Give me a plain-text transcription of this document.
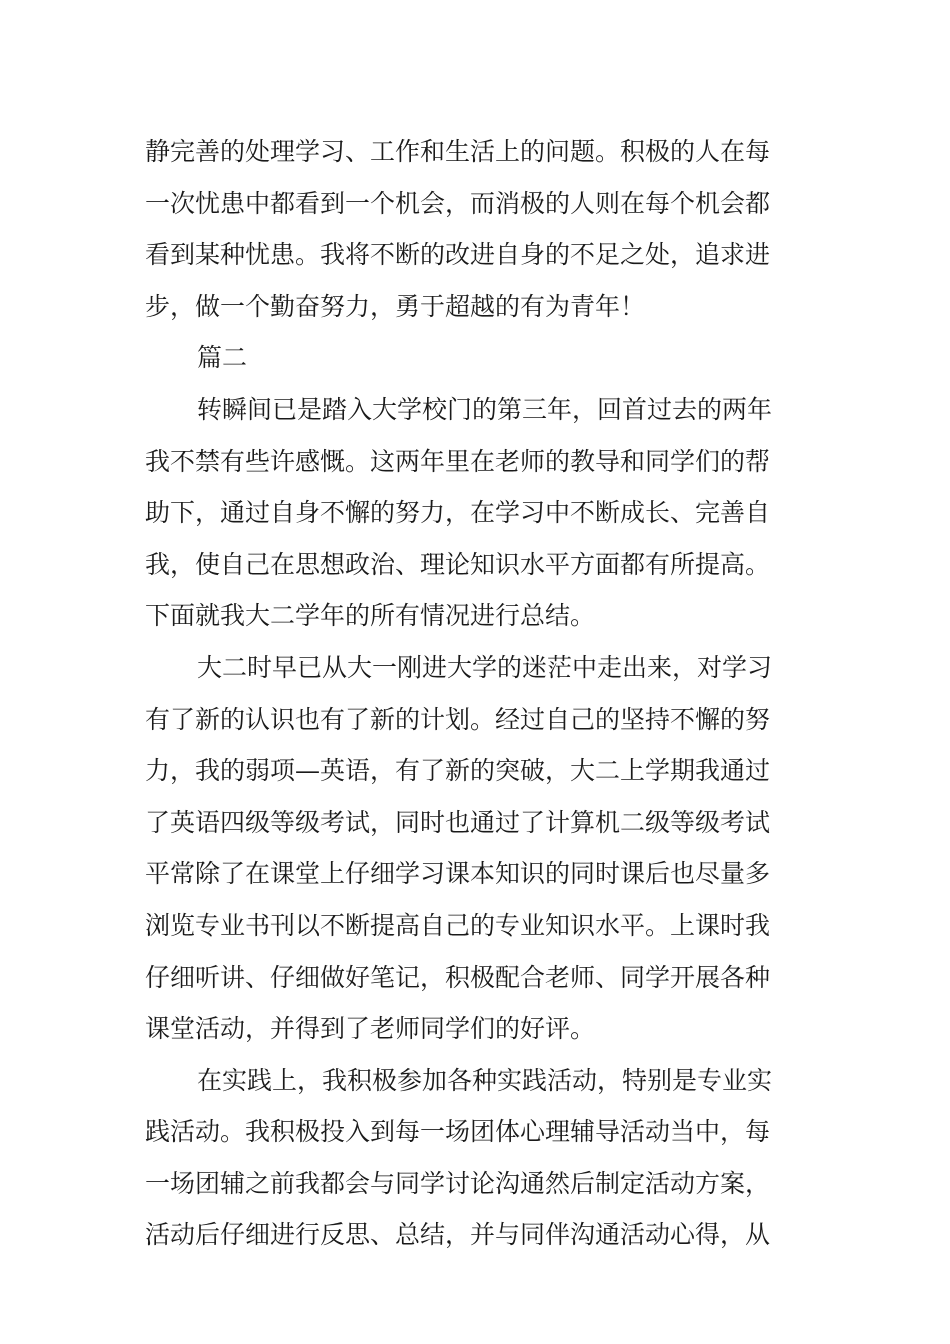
静完善的处理学习、工作和生活上的问题。积极的人在每
一次忧患中都看到一个机会，而消极的人则在每个机会都
看到某种忧患。我将不断的改进自身的不足之处，追求进
步，做一个勤奋努力，勇于超越的有为青年！

篇二

转瞬间已是踏入大学校门的第三年，回首过去的两年
我不禁有些许感慨。这两年里在老师的教导和同学们的帮
助下，通过自身不懈的努力，在学习中不断成长、完善自
我，使自己在思想政治、理论知识水平方面都有所提高。
下面就我大二学年的所有情况进行总结。

大二时早已从大一刚进大学的迷茫中走出来，对学习
有了新的认识也有了新的计划。经过自己的坚持不懈的努
力，我的弱项—英语，有了新的突破，大二上学期我通过
了英语四级等级考试，同时也通过了计算机二级等级考试
平常除了在课堂上仔细学习课本知识的同时课后也尽量多
浏览专业书刊以不断提高自己的专业知识水平。上课时我
仔细听讲、仔细做好笔记，积极配合老师、同学开展各种
课堂活动，并得到了老师同学们的好评。

在实践上，我积极参加各种实践活动，特别是专业实
践活动。我积极投入到每一场团体心理辅导活动当中，每
一场团辅之前我都会与同学讨论沟通然后制定活动方案，
活动后仔细进行反思、总结，并与同伴沟通活动心得，从
